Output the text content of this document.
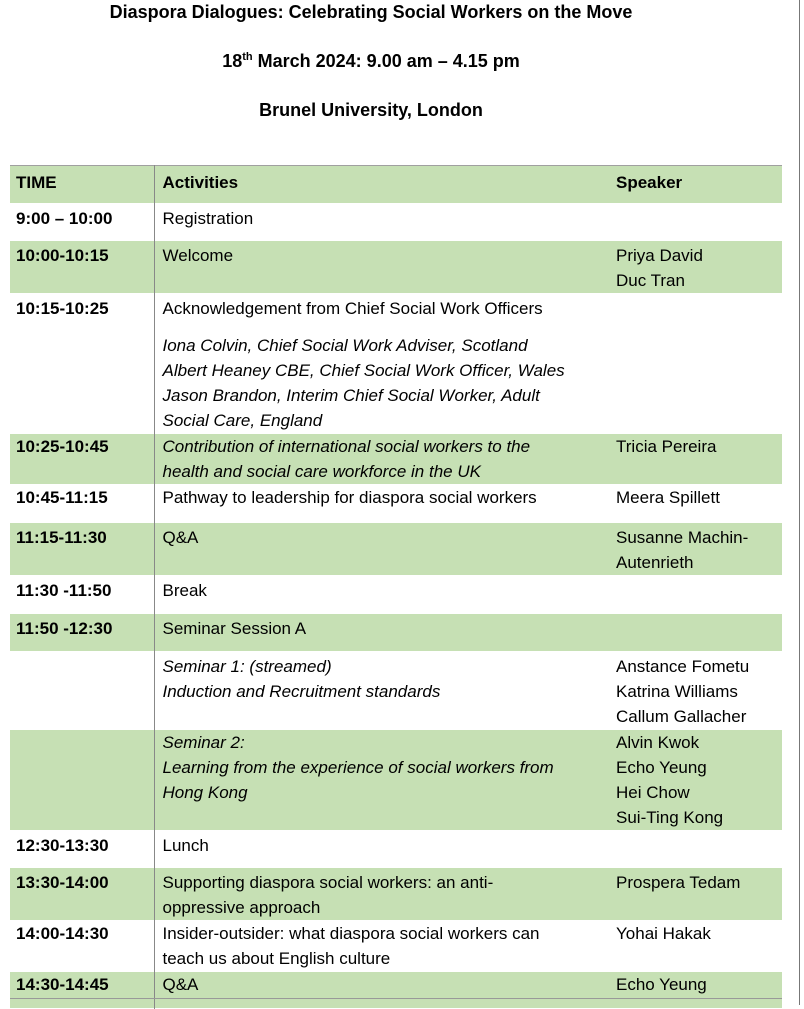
Diaspora Dialogues: Celebrating Social Workers on the Move
18th March 2024: 9.00 am – 4.15 pm
Brunel University, London
TIME	Activities	Speaker
9:00 – 10:00	Registration	

10:00-10:15	Welcome	Priya David
Duc Tran

10:15-10:25	Acknowledgement from Chief Social Work Officers
Iona Colvin, Chief Social Work Adviser, Scotland
Albert Heaney CBE, Chief Social Work Officer, Wales
Jason Brandon, Interim Chief Social Worker, Adult
Social Care, England	

10:25-10:45	Contribution of international social workers to the
health and social care workforce in the UK	Tricia Pereira

10:45-11:15	Pathway to leadership for diaspora social workers	Meera Spillett

11:15-11:30	Q&A	Susanne Machin-
Autenrieth

11:30 -11:50	Break	

11:50 -12:30	Seminar Session A	

	Seminar 1: (streamed)
Induction and Recruitment standards	Anstance Fometu
Katrina Williams
Callum Gallacher

	Seminar 2:
Learning from the experience of social workers from
Hong Kong	Alvin Kwok
Echo Yeung
Hei Chow
Sui-Ting Kong

12:30-13:30	Lunch	

13:30-14:00	Supporting diaspora social workers: an anti-
oppressive approach	Prospera Tedam

14:00-14:30	Insider-outsider: what diaspora social workers can
teach us about English culture	Yohai Hakak

14:30-14:45	Q&A	Echo Yeung
